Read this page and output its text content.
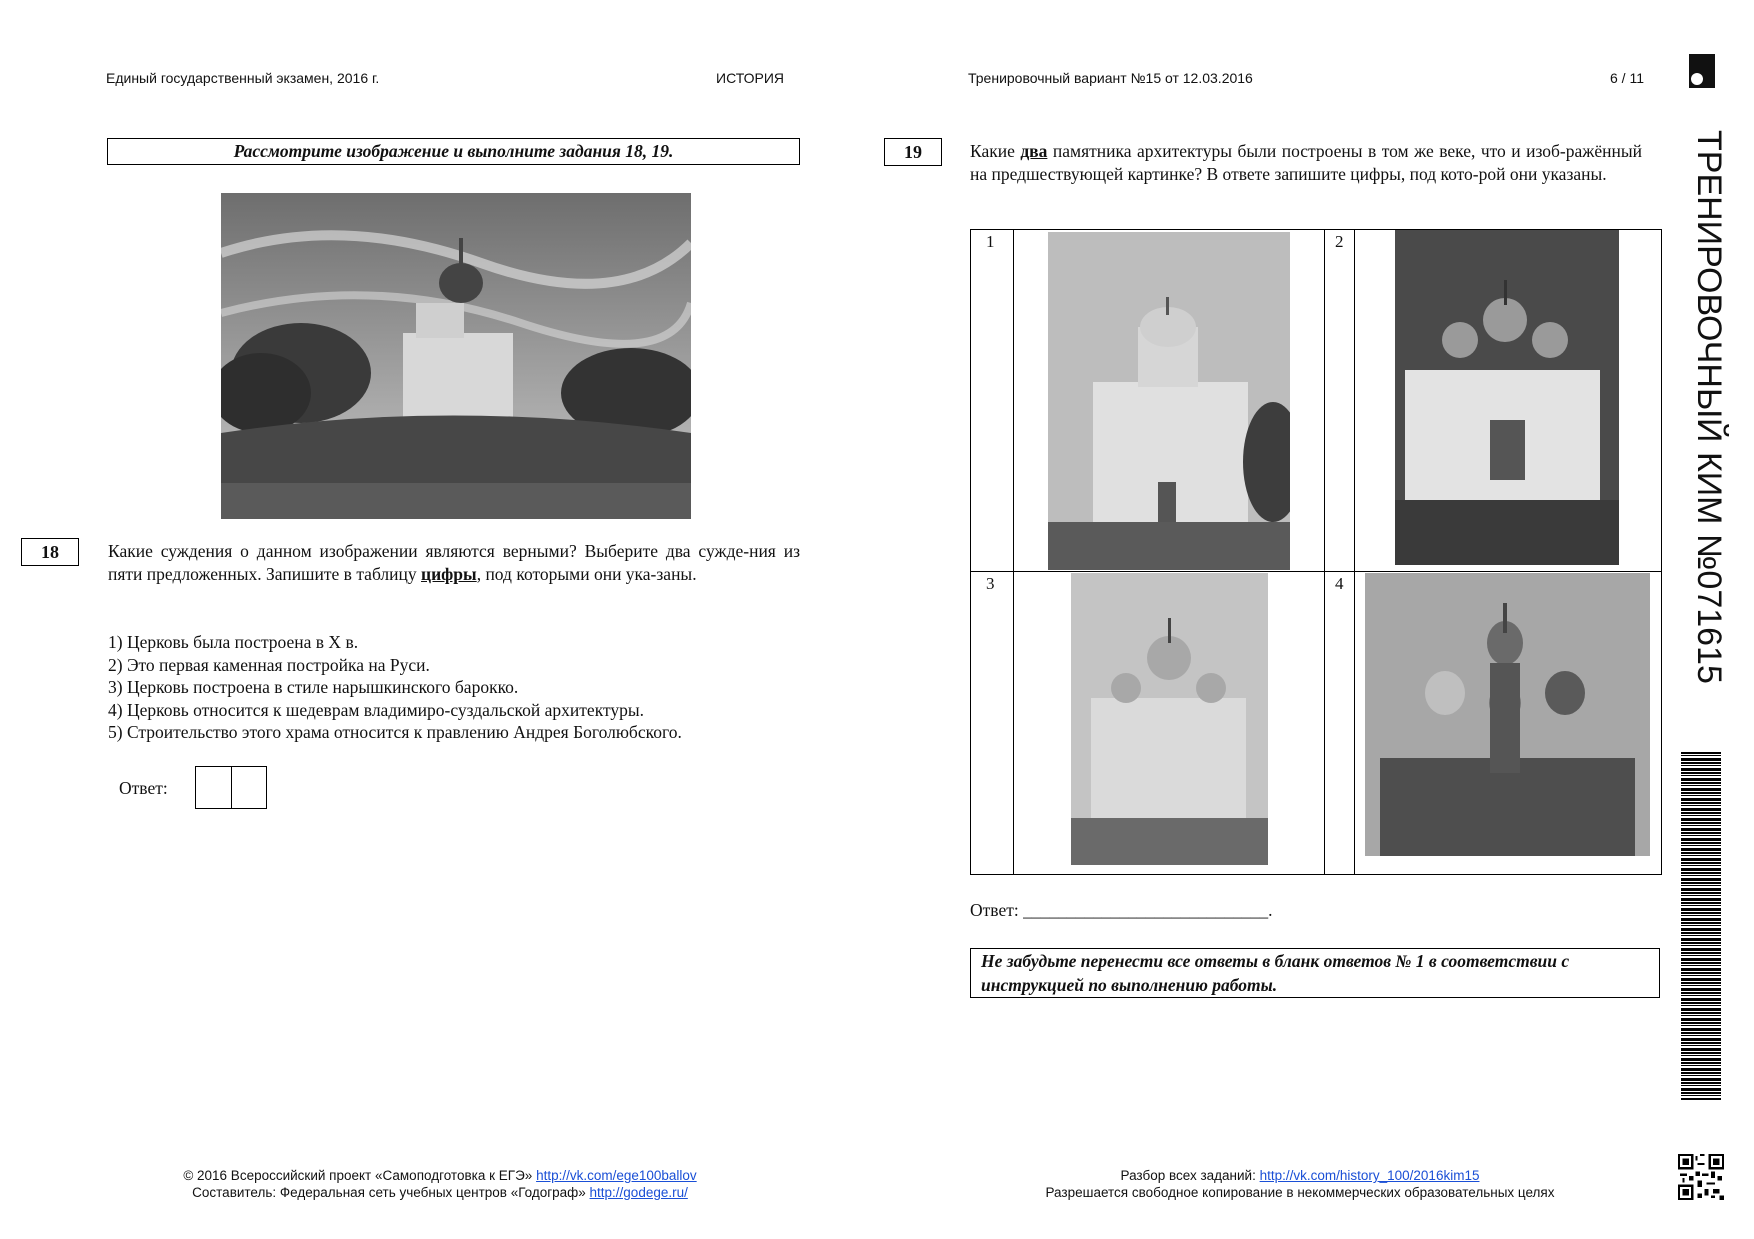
Единый государственный экзамен, 2016 г.	ИСТОРИЯ	Тренировочный вариант №15 от 12.03.2016	6 / 11
ТРЕНИРОВОЧНЫЙ КИМ №071615
Рассмотрите изображение и выполните задания 18, 19.
18	Какие суждения о данном изображении являются верными? Выберите два сужде-ния из пяти предложенных. Запишите в таблицу цифры, под которыми они ука-заны.
1) Церковь была построена в X в.
2) Это первая каменная постройка на Руси.
3) Церковь построена в стиле нарышкинского барокко.
4) Церковь относится к шедеврам владимиро-суздальской архитектуры.
5) Строительство этого храма относится к правлению Андрея Боголюбского.
Ответ:
19	Какие два памятника архитектуры были построены в том же веке, что и изоб-ражённый на предшествующей картинке? В ответе запишите цифры, под кото-рой они указаны.
1	2
3	4
Ответ: ____________________________.
Не забудьте перенести все ответы в бланк ответов № 1 в соответствии с инструкцией по выполнению работы.
© 2016 Всероссийский проект «Самоподготовка к ЕГЭ» http://vk.com/ege100ballov
Составитель: Федеральная сеть учебных центров «Годограф» http://godege.ru/
Разбор всех заданий: http://vk.com/history_100/2016kim15
Разрешается свободное копирование в некоммерческих образовательных целях
